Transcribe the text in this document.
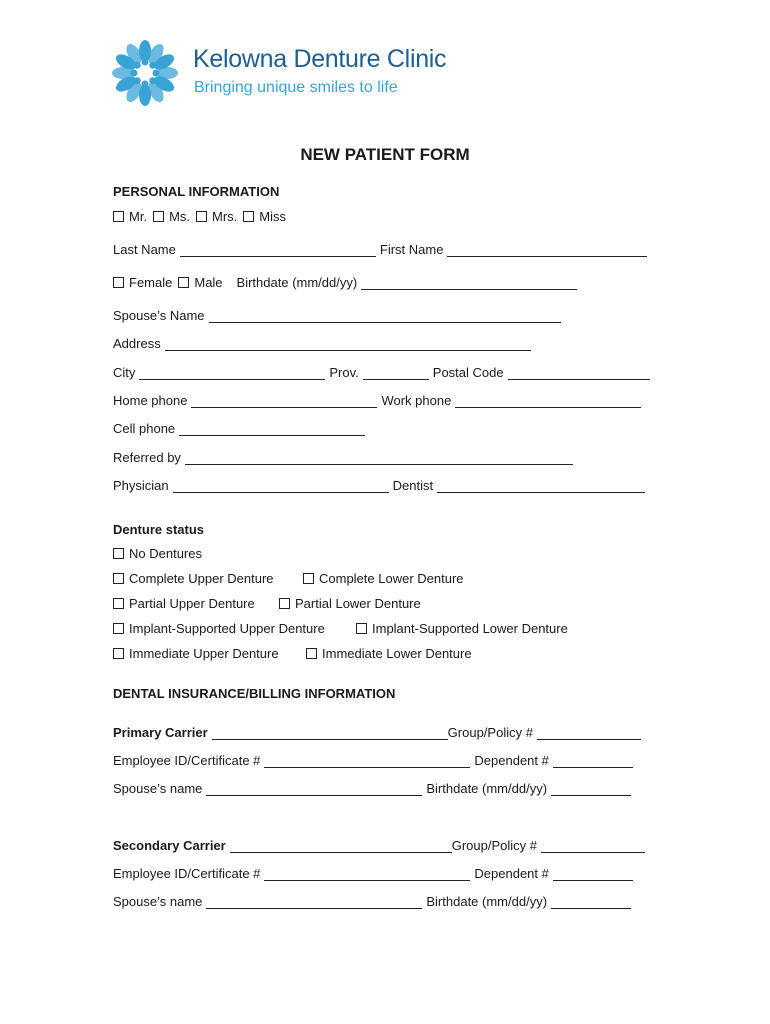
Kelowna Denture Clinic
Bringing unique smiles to life
NEW PATIENT FORM
PERSONAL INFORMATION
Mr.	Ms.	Mrs.	Miss
Last Name	First Name
Female	Male Birthdate (mm/dd/yy)
Spouse’s Name
Address
City	Prov.	Postal Code
Home phone	Work phone
Cell phone
Referred by
Physician	Dentist
Denture status
No Dentures
Complete Upper Denture	Complete Lower Denture
Partial Upper Denture	Partial Lower Denture
Implant-Supported Upper Denture	Implant-Supported Lower Denture
Immediate Upper Denture	Immediate Lower Denture
DENTAL INSURANCE/BILLING INFORMATION
Primary Carrier	Group/Policy #
Employee ID/Certificate #	Dependent #
Spouse’s name	Birthdate (mm/dd/yy)
Secondary Carrier	Group/Policy #
Employee ID/Certificate #	Dependent #
Spouse’s name	Birthdate (mm/dd/yy)
